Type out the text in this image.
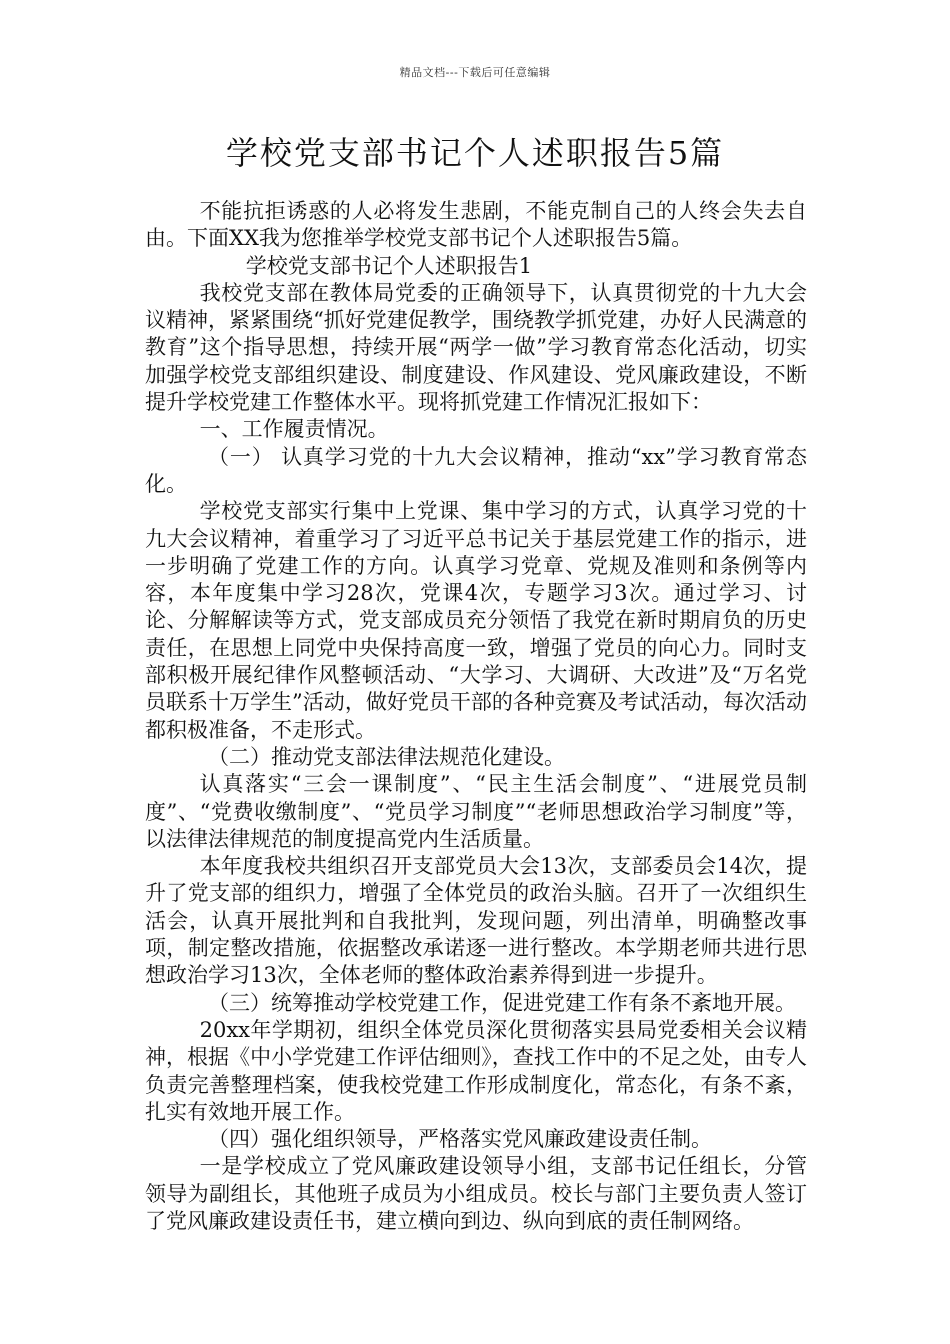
精品文档---下载后可任意编辑
学校党支部书记个人述职报告5篇

不能抗拒诱惑的人必将发生悲剧，不能克制自己的人终会失去自由。下面XX我为您推举学校党支部书记个人述职报告5篇。

学校党支部书记个人述职报告1

我校党支部在教体局党委的正确领导下，认真贯彻党的十九大会议精神，紧紧围绕“抓好党建促教学，围绕教学抓党建，办好人民满意的教育”这个指导思想，持续开展“两学一做”学习教育常态化活动，切实加强学校党支部组织建设、制度建设、作风建设、党风廉政建设，不断提升学校党建工作整体水平。现将抓党建工作情况汇报如下：

一、工作履责情况。

（一） 认真学习党的十九大会议精神，推动“xx”学习教育常态化。

学校党支部实行集中上党课、集中学习的方式，认真学习党的十九大会议精神，着重学习了习近平总书记关于基层党建工作的指示，进一步明确了党建工作的方向。认真学习党章、党规及准则和条例等内容，本年度集中学习28次，党课4次，专题学习3次。通过学习、讨论、分解解读等方式，党支部成员充分领悟了我党在新时期肩负的历史责任，在思想上同党中央保持高度一致，增强了党员的向心力。同时支部积极开展纪律作风整顿活动、“大学习、大调研、大改进”及“万名党员联系十万学生”活动，做好党员干部的各种竞赛及考试活动，每次活动都积极准备，不走形式。

（二）推动党支部法律法规范化建设。

认真落实“三会一课制度”、“民主生活会制度”、“进展党员制度”、“党费收缴制度”、“党员学习制度”“老师思想政治学习制度”等，以法律法律规范的制度提高党内生活质量。

本年度我校共组织召开支部党员大会13次，支部委员会14次，提升了党支部的组织力，增强了全体党员的政治头脑。召开了一次组织生活会，认真开展批判和自我批判，发现问题，列出清单，明确整改事项，制定整改措施，依据整改承诺逐一进行整改。本学期老师共进行思想政治学习13次，全体老师的整体政治素养得到进一步提升。

（三）统筹推动学校党建工作，促进党建工作有条不紊地开展。

20xx年学期初，组织全体党员深化贯彻落实县局党委相关会议精神，根据《中小学党建工作评估细则》，查找工作中的不足之处，由专人负责完善整理档案，使我校党建工作形成制度化，常态化，有条不紊，扎实有效地开展工作。

（四）强化组织领导，严格落实党风廉政建设责任制。

一是学校成立了党风廉政建设领导小组，支部书记任组长，分管领导为副组长，其他班子成员为小组成员。校长与部门主要负责人签订了党风廉政建设责任书，建立横向到边、纵向到底的责任制网络。
